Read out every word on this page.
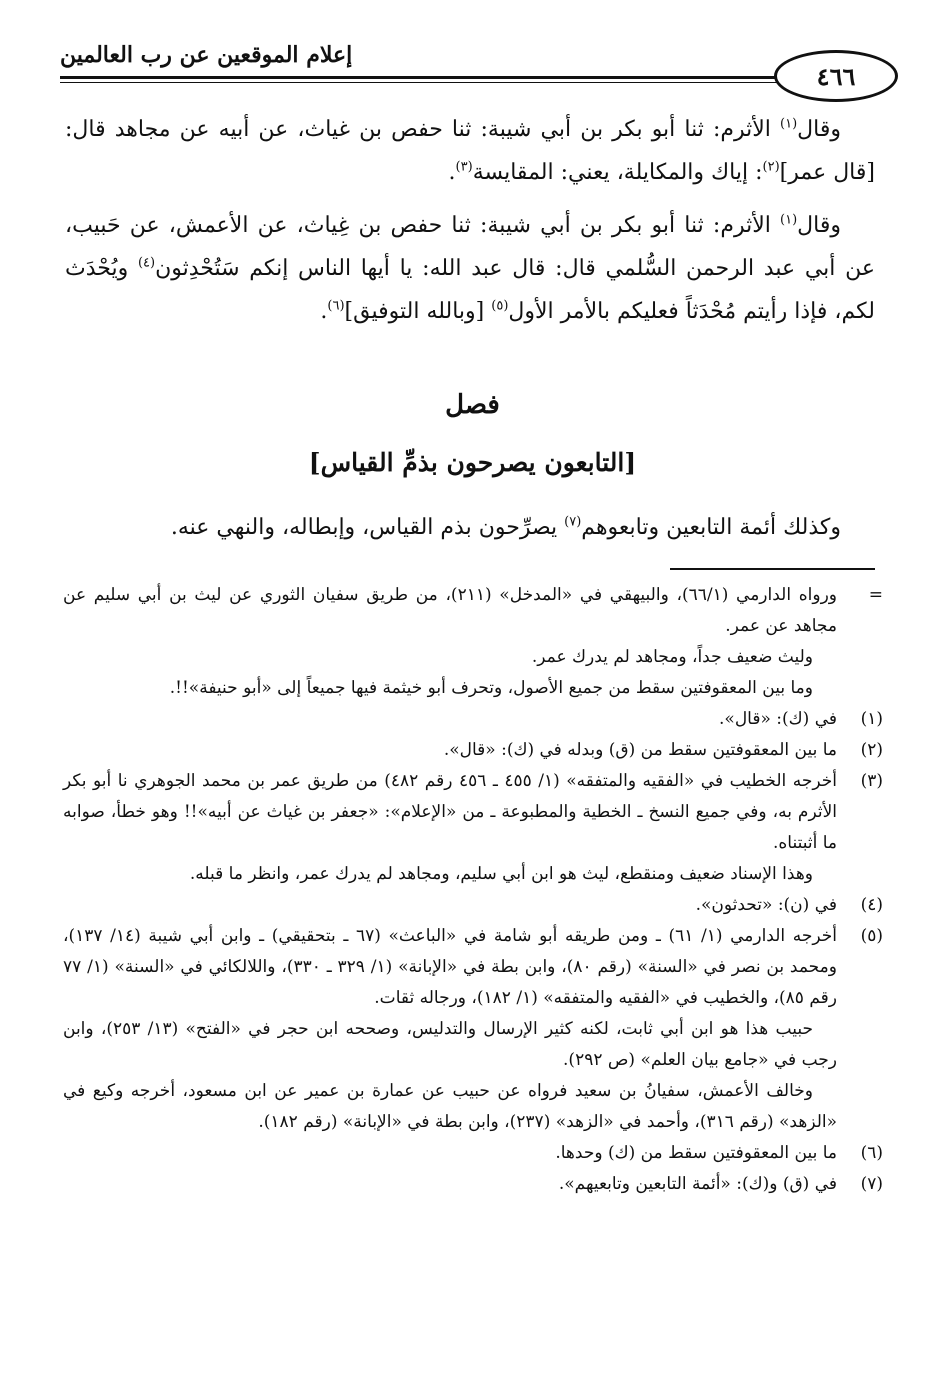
إعلام الموقعين عن رب العالمين
٤٦٦

وقال$^{(١)}$ الأثرم: ثنا أبو بكر بن أبي شيبة: ثنا حفص بن غياث، عن أبيه عن مجاهد قال: [قال عمر]$^{(٢)}$: إياك والمكايلة، يعني: المقايسة$^{(٣)}$.

وقال$^{(١)}$ الأثرم: ثنا أبو بكر بن أبي شيبة: ثنا حفص بن غِياث، عن الأعمش، عن حَبيب، عن أبي عبد الرحمن السُّلمي قال: قال عبد الله: يا أيها الناس إنكم سَتُحْدِثون$^{(٤)}$ ويُحْدَث لكم، فإذا رأيتم مُحْدَثاً فعليكم بالأمر الأول$^{(٥)}$ [وبالله التوفيق]$^{(٦)}$.

فصل
[التابعون يصرحون بذمِّ القياس]
وكذلك أئمة التابعين وتابعوهم$^{(٧)}$ يصرِّحون بذم القياس، وإبطاله، والنهي عنه.
=
ورواه الدارمي (٦٦/١)، والبيهقي في «المدخل» (٢١١)، من طريق سفيان الثوري عن ليث بن أبي سليم عن مجاهد عن عمر.
وليث ضعيف جداً، ومجاهد لم يدرك عمر.
وما بين المعقوفتين سقط من جميع الأصول، وتحرف أبو خيثمة فيها جميعاً إلى «أبو حنيفة»!!.
(١)
في (ك): «قال».
(٢)
ما بين المعقوفتين سقط من (ق) وبدله في (ك): «قال».
(٣)
أخرجه الخطيب في «الفقيه والمتفقه» (١/ ٤٥٥ ـ ٤٥٦ رقم ٤٨٢) من طريق عمر بن محمد الجوهري نا أبو بكر الأثرم به، وفي جميع النسخ ـ الخطية والمطبوعة ـ من «الإعلام»: «جعفر بن غياث عن أبيه»!! وهو خطأ، صوابه ما أثبتناه.
وهذا الإسناد ضعيف ومنقطع، ليث هو ابن أبي سليم، ومجاهد لم يدرك عمر، وانظر ما قبله.
(٤)
في (ن): «تحدثون».
(٥)
أخرجه الدارمي (١/ ٦١) ـ ومن طريقه أبو شامة في «الباعث» (٦٧ ـ بتحقيقي) ـ وابن أبي شيبة (١٤/ ١٣٧)، ومحمد بن نصر في «السنة» (رقم ٨٠)، وابن بطة في «الإبانة» (١/ ٣٢٩ ـ ٣٣٠)، واللالكائي في «السنة» (١/ ٧٧ رقم ٨٥)، والخطيب في «الفقيه والمتفقه» (١/ ١٨٢)، ورجاله ثقات.
حبيب هذا هو ابن أبي ثابت، لكنه كثير الإرسال والتدليس، وصححه ابن حجر في «الفتح» (١٣/ ٢٥٣)، وابن رجب في «جامع بيان العلم» (ص ٢٩٢).
وخالف الأعمش، سفيانُ بن سعيد فرواه عن حبيب عن عمارة بن عمير عن ابن مسعود، أخرجه وكيع في «الزهد» (رقم ٣١٦)، وأحمد في «الزهد» (٢٣٧)، وابن بطة في «الإبانة» (رقم ١٨٢).
(٦)
ما بين المعقوفتين سقط من (ك) وحدها.
(٧)
في (ق) و(ك): «أئمة التابعين وتابعيهم».
